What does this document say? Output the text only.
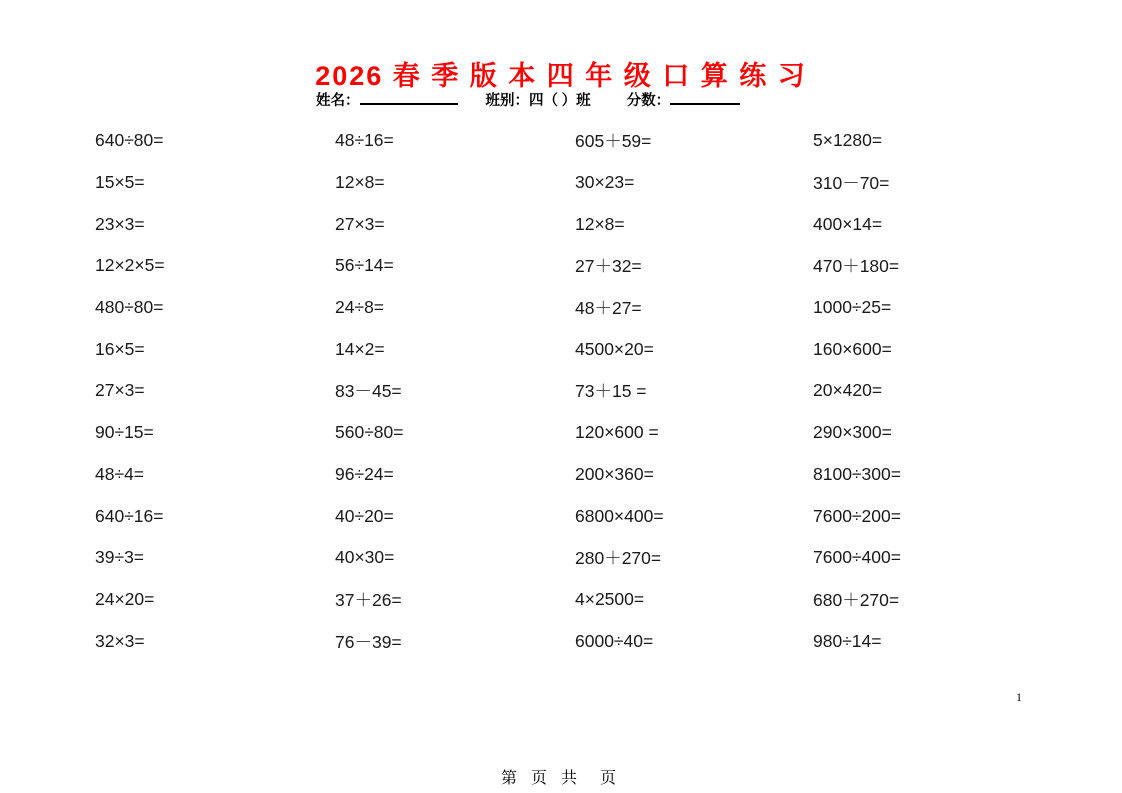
2026 春 季 版 本 四 年 级 口 算 练 习
姓名：	班别：四（ ）班 分数：
640÷80=	48÷16=	605＋59=	5×1280=
15×5=	12×8=	30×23=	310－70=
23×3=	27×3=	12×8=	400×14=
12×2×5=	56÷14=	27＋32=	470＋180=
480÷80=	24÷8=	48＋27=	1000÷25=
16×5=	14×2=	4500×20=	160×600=
27×3=	83－45=	73＋15 =	20×420=
90÷15=	560÷80=	120×600 =	290×300=
48÷4=	96÷24=	200×360=	8100÷300=
640÷16=	40÷20=	6800×400=	7600÷200=
39÷3=	40×30=	280＋270=	7600÷400=
24×20=	37＋26=	4×2500=	680＋270=
32×3=	76－39=	6000÷40=	980÷14=
1
第 页 共  页
